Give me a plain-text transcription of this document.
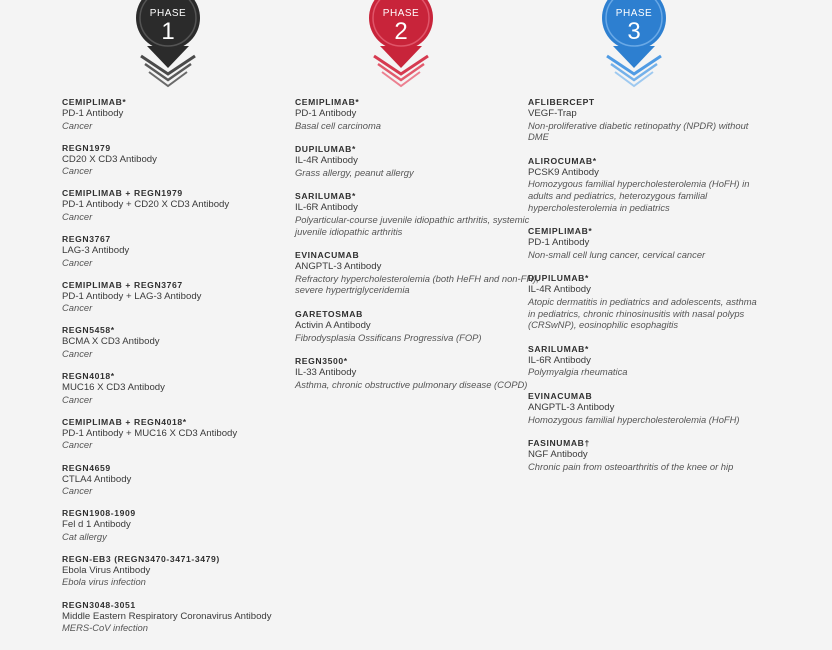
PHASE
1
PHASE
2
PHASE
3
CEMIPLIMAB*
PD-1 Antibody
Cancer
REGN1979
CD20 X CD3 Antibody
Cancer
CEMIPLIMAB + REGN1979
PD-1 Antibody + CD20 X CD3 Antibody
Cancer
REGN3767
LAG-3 Antibody
Cancer
CEMIPLIMAB + REGN3767
PD-1 Antibody + LAG-3 Antibody
Cancer
REGN5458*
BCMA X CD3 Antibody
Cancer
REGN4018*
MUC16 X CD3 Antibody
Cancer
CEMIPLIMAB + REGN4018*
PD-1 Antibody + MUC16 X CD3 Antibody
Cancer
REGN4659
CTLA4 Antibody
Cancer
REGN1908-1909
Fel d 1 Antibody
Cat allergy
REGN-EB3 (REGN3470-3471-3479)
Ebola Virus Antibody
Ebola virus infection
REGN3048-3051
Middle Eastern Respiratory Coronavirus Antibody
MERS-CoV infection
CEMIPLIMAB*
PD-1 Antibody
Basal cell carcinoma
DUPILUMAB*
IL-4R Antibody
Grass allergy, peanut allergy
SARILUMAB*
IL-6R Antibody
Polyarticular-course juvenile idiopathic arthritis, systemic juvenile idiopathic arthritis
EVINACUMAB
ANGPTL-3 Antibody
Refractory hypercholesterolemia (both HeFH and non-FH), severe hypertriglyceridemia
GARETOSMAB
Activin A Antibody
Fibrodysplasia Ossificans Progressiva (FOP)
REGN3500*
IL-33 Antibody
Asthma, chronic obstructive pulmonary disease (COPD)
AFLIBERCEPT
VEGF-Trap
Non-proliferative diabetic retinopathy (NPDR) without DME
ALIROCUMAB*
PCSK9 Antibody
Homozygous familial hypercholesterolemia (HoFH) in adults and pediatrics, heterozygous familial hypercholesterolemia in pediatrics
CEMIPLIMAB*
PD-1 Antibody
Non-small cell lung cancer, cervical cancer
DUPILUMAB*
IL-4R Antibody
Atopic dermatitis in pediatrics and adolescents, asthma in pediatrics, chronic rhinosinusitis with nasal polyps (CRSwNP), eosinophilic esophagitis
SARILUMAB*
IL-6R Antibody
Polymyalgia rheumatica
EVINACUMAB
ANGPTL-3 Antibody
Homozygous familial hypercholesterolemia (HoFH)
FASINUMAB†
NGF Antibody
Chronic pain from osteoarthritis of the knee or hip
